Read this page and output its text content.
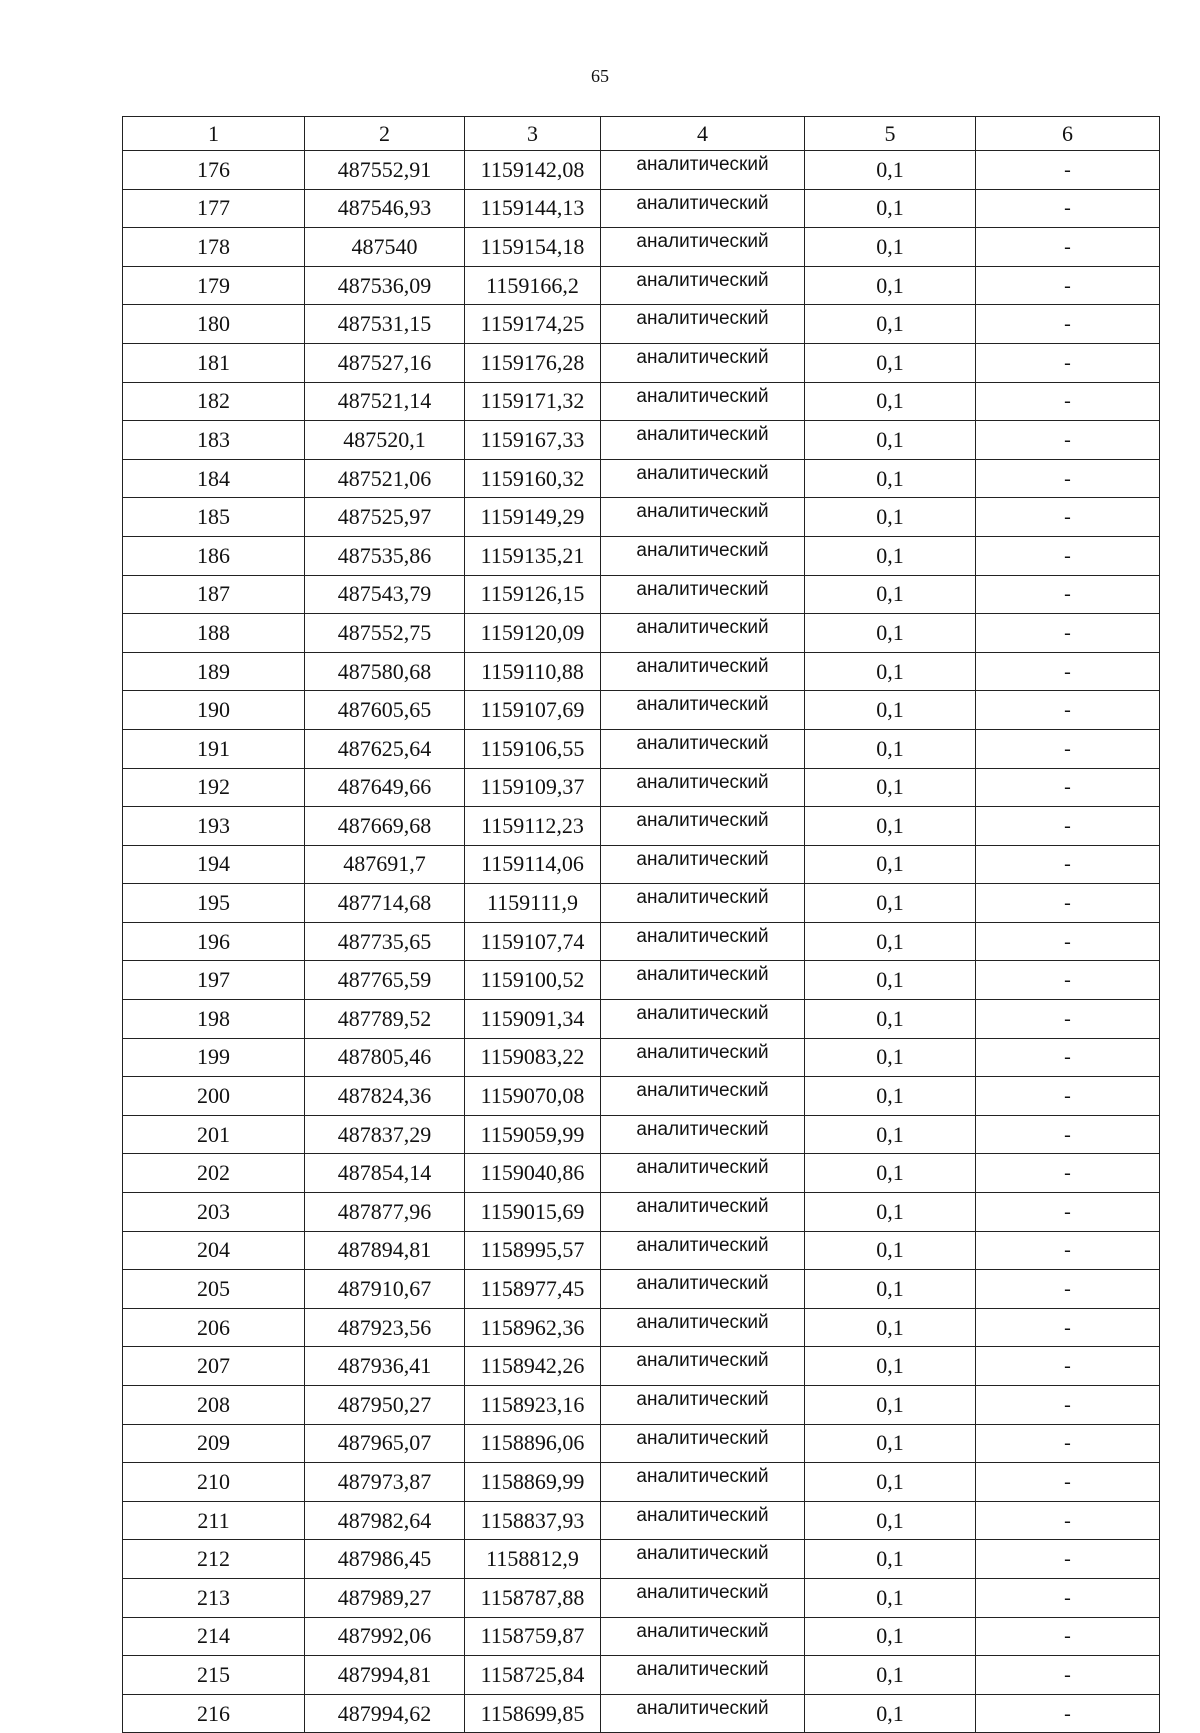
65
1	2	3	4	5	6
176	487552,91	1159142,08	аналитический	0,1	-
177	487546,93	1159144,13	аналитический	0,1	-
178	487540	1159154,18	аналитический	0,1	-
179	487536,09	1159166,2	аналитический	0,1	-
180	487531,15	1159174,25	аналитический	0,1	-
181	487527,16	1159176,28	аналитический	0,1	-
182	487521,14	1159171,32	аналитический	0,1	-
183	487520,1	1159167,33	аналитический	0,1	-
184	487521,06	1159160,32	аналитический	0,1	-
185	487525,97	1159149,29	аналитический	0,1	-
186	487535,86	1159135,21	аналитический	0,1	-
187	487543,79	1159126,15	аналитический	0,1	-
188	487552,75	1159120,09	аналитический	0,1	-
189	487580,68	1159110,88	аналитический	0,1	-
190	487605,65	1159107,69	аналитический	0,1	-
191	487625,64	1159106,55	аналитический	0,1	-
192	487649,66	1159109,37	аналитический	0,1	-
193	487669,68	1159112,23	аналитический	0,1	-
194	487691,7	1159114,06	аналитический	0,1	-
195	487714,68	1159111,9	аналитический	0,1	-
196	487735,65	1159107,74	аналитический	0,1	-
197	487765,59	1159100,52	аналитический	0,1	-
198	487789,52	1159091,34	аналитический	0,1	-
199	487805,46	1159083,22	аналитический	0,1	-
200	487824,36	1159070,08	аналитический	0,1	-
201	487837,29	1159059,99	аналитический	0,1	-
202	487854,14	1159040,86	аналитический	0,1	-
203	487877,96	1159015,69	аналитический	0,1	-
204	487894,81	1158995,57	аналитический	0,1	-
205	487910,67	1158977,45	аналитический	0,1	-
206	487923,56	1158962,36	аналитический	0,1	-
207	487936,41	1158942,26	аналитический	0,1	-
208	487950,27	1158923,16	аналитический	0,1	-
209	487965,07	1158896,06	аналитический	0,1	-
210	487973,87	1158869,99	аналитический	0,1	-
211	487982,64	1158837,93	аналитический	0,1	-
212	487986,45	1158812,9	аналитический	0,1	-
213	487989,27	1158787,88	аналитический	0,1	-
214	487992,06	1158759,87	аналитический	0,1	-
215	487994,81	1158725,84	аналитический	0,1	-
216	487994,62	1158699,85	аналитический	0,1	-
